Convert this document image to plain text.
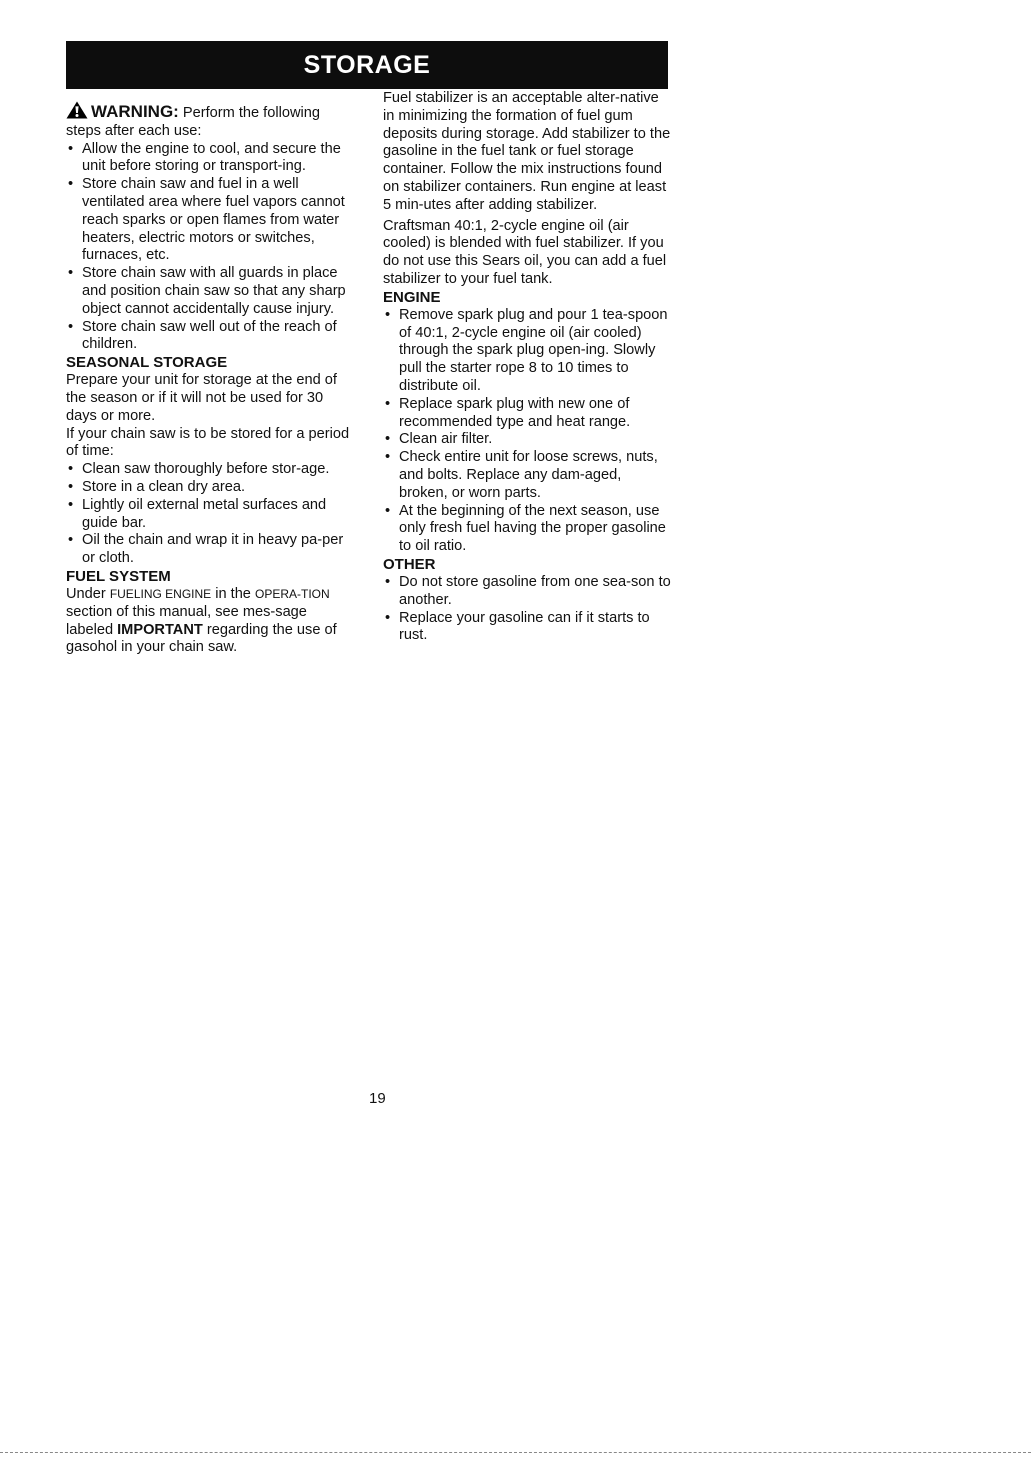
STORAGE

WARNING: Perform the following
steps after each use:

• Allow the engine to cool, and secure the unit before storing or transport-ing.
• Store chain saw and fuel in a well ventilated area where fuel vapors cannot reach sparks or open flames from water heaters, electric motors or switches, furnaces, etc.
• Store chain saw with all guards in place and position chain saw so that any sharp object cannot accidentally cause injury.
• Store chain saw well out of the reach of children.
SEASONAL STORAGE

Prepare your unit for storage at the end of the season or if it will not be used for 30 days or more.

If your chain saw is to be stored for a period of time:

• Clean saw thoroughly before stor-age.
• Store in a clean dry area.
• Lightly oil external metal surfaces and guide bar.
• Oil the chain and wrap it in heavy pa-per or cloth.
FUEL SYSTEM

Under FUELING ENGINE in the OPERA-TION section of this manual, see mes-sage labeled IMPORTANT regarding the use of gasohol in your chain saw.

Fuel stabilizer is an acceptable alter-native in minimizing the formation of fuel gum deposits during storage. Add stabilizer to the gasoline in the fuel tank or fuel storage container. Follow the mix instructions found on stabilizer containers. Run engine at least 5 min-utes after adding stabilizer.

Craftsman 40:1, 2-cycle engine oil (air cooled) is blended with fuel stabilizer. If you do not use this Sears oil, you can add a fuel stabilizer to your fuel tank.

ENGINE
• Remove spark plug and pour 1 tea-spoon of 40:1, 2-cycle engine oil (air cooled) through the spark plug open-ing. Slowly pull the starter rope 8 to 10 times to distribute oil.
• Replace spark plug with new one of recommended type and heat range.
• Clean air filter.
• Check entire unit for loose screws, nuts, and bolts. Replace any dam-aged, broken, or worn parts.
• At the beginning of the next season, use only fresh fuel having the proper gasoline to oil ratio.
OTHER
• Do not store gasoline from one sea-son to another.
• Replace your gasoline can if it starts to rust.
19
